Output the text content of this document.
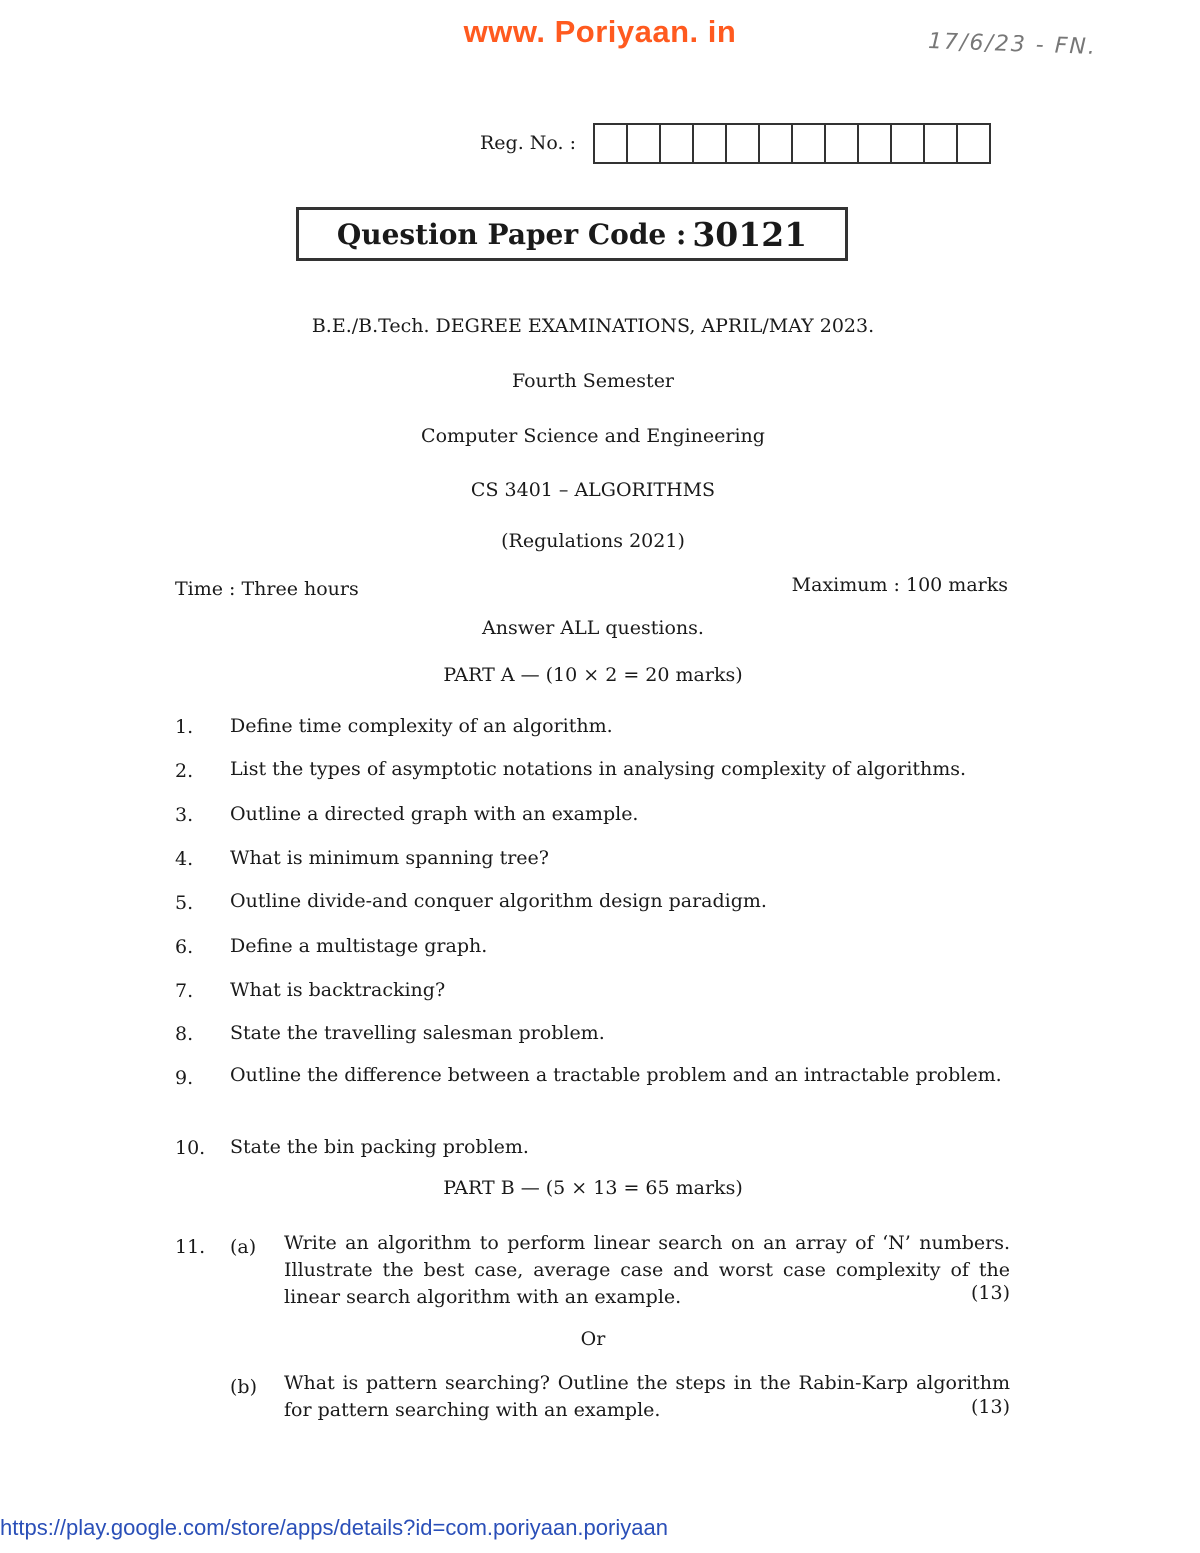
www. Poriyaan. in	17/6/23 - FN.
Reg. No. :
Question Paper Code : 30121
B.E./B.Tech. DEGREE EXAMINATIONS, APRIL/MAY 2023.
Fourth Semester
Computer Science and Engineering
CS 3401 – ALGORITHMS
(Regulations 2021)
Time : Three hours	Maximum : 100 marks
Answer ALL questions.
PART A — (10 × 2 = 20 marks)
1. Define time complexity of an algorithm.
2. List the types of asymptotic notations in analysing complexity of algorithms.
3. Outline a directed graph with an example.
4. What is minimum spanning tree?
5. Outline divide-and conquer algorithm design paradigm.
6. Define a multistage graph.
7. What is backtracking?
8. State the travelling salesman problem.
9. Outline the difference between a tractable problem and an intractable problem.
10. State the bin packing problem.
PART B — (5 × 13 = 65 marks)
11. (a) Write an algorithm to perform linear search on an array of ‘N’ numbers. Illustrate the best case, average case and worst case complexity of the linear search algorithm with an example.	(13)
Or
(b) What is pattern searching? Outline the steps in the Rabin-Karp algorithm for pattern searching with an example.	(13)
https://play.google.com/store/apps/details?id=com.poriyaan.poriyaan
